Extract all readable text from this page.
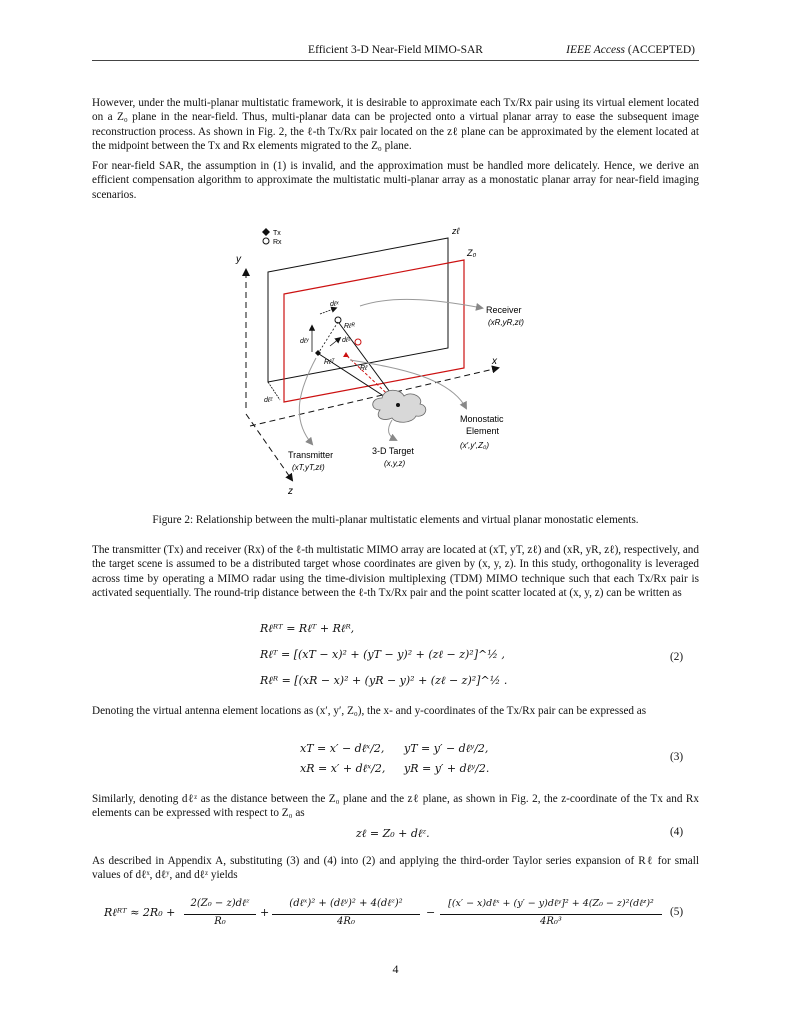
Efficient 3-D Near-Field MIMO-SAR	IEEE Access (ACCEPTED)

However, under the multi-planar multistatic framework, it is desirable to approximate each Tx/Rx pair using its virtual element located on a Z₀ plane in the near-field. Thus, multi-planar data can be projected onto a virtual planar array to ease the subsequent image reconstruction process. As shown in Fig. 2, the ℓ-th Tx/Rx pair located on the zℓ plane can be approximated by the element located at the midpoint between the Tx and Rx elements migrated to the Z₀ plane.

For near-field SAR, the assumption in (1) is invalid, and the approximation must be handled more delicately. Hence, we derive an efficient compensation algorithm to approximate the multistatic multi-planar array as a monostatic planar array for near-field imaging scenarios.

Tx
Rx
y
x
z
zℓ
Z₀
dℓˣ
dℓʸ	dℓᶻ
Rℓᴿ
Rℓᵀ
Rℓ
dℓᶻ
Receiver
(xR,yR,zℓ)
Transmitter
(xT,yT,zℓ)
3-D Target
(x,y,z)
Monostatic
Element
(x′,y′,Z₀)
Figure 2: Relationship between the multi-planar multistatic elements and virtual planar monostatic elements.

The transmitter (Tx) and receiver (Rx) of the ℓ-th multistatic MIMO array are located at (xT, yT, zℓ) and (xR, yR, zℓ), respectively, and the target scene is assumed to be a distributed target whose coordinates are given by (x, y, z). In this study, orthogonality is leveraged across time by operating a MIMO radar using the time-division multiplexing (TDM) MIMO technique such that each Tx/Rx pair is activated sequentially. The round-trip distance between the ℓ-th Tx/Rx pair and the point scatter located at (x, y, z) can be written as

Rℓᴿᵀ = Rℓᵀ + Rℓᴿ,
Rℓᵀ = [(xT − x)² + (yT − y)² + (zℓ − z)²]^½ ,
Rℓᴿ = [(xR − x)² + (yR − y)² + (zℓ − z)²]^½ .
(2)

Denoting the virtual antenna element locations as (x′, y′, Z₀), the x- and y-coordinates of the Tx/Rx pair can be expressed as

xT = x′ − dℓˣ/2, yT = y′ − dℓʸ/2,
xR = x′ + dℓˣ/2, yR = y′ + dℓʸ/2.
(3)

Similarly, denoting dℓᶻ as the distance between the Z₀ plane and the zℓ plane, as shown in Fig. 2, the z-coordinate of the Tx and Rx elements can be expressed with respect to Z₀ as

zℓ = Z₀ + dℓᶻ.	(4)

As described in Appendix A, substituting (3) and (4) into (2) and applying the third-order Taylor series expansion of Rℓ for small values of dℓˣ, dℓʸ, and dℓᶻ yields

Rℓᴿᵀ ≈ 2R₀ +
2(Z₀ − z)dℓᶻ
R₀
+
(dℓˣ)² + (dℓʸ)² + 4(dℓᶻ)²
4R₀
−
[(x′ − x)dℓˣ + (y′ − y)dℓʸ]² + 4(Z₀ − z)²(dℓᶻ)²
4R₀³
(5)
4
